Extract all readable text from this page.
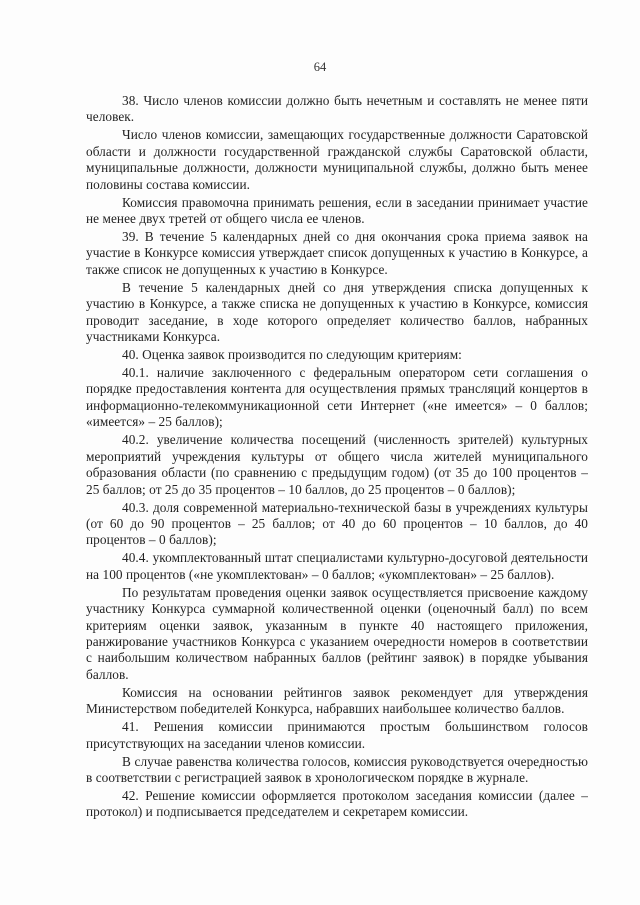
64

38. Число членов комиссии должно быть нечетным и составлять не менее пяти человек.

Число членов комиссии, замещающих государственные должности Саратовской области и должности государственной гражданской службы Саратовской области, муниципальные должности, должности муниципальной службы, должно быть менее половины состава комиссии.

Комиссия правомочна принимать решения, если в заседании принимает участие не менее двух третей от общего числа ее членов.

39. В течение 5 календарных дней со дня окончания срока приема заявок на участие в Конкурсе комиссия утверждает список допущенных к участию в Конкурсе, а также список не допущенных к участию в Конкурсе.

В течение 5 календарных дней со дня утверждения списка допущенных к участию в Конкурсе, а также списка не допущенных к участию в Конкурсе, комиссия проводит заседание, в ходе которого определяет количество баллов, набранных участниками Конкурса.

40. Оценка заявок производится по следующим критериям:

40.1. наличие заключенного с федеральным оператором сети соглашения о порядке предоставления контента для осуществления прямых трансляций концертов в информационно-телекоммуникационной сети Интернет («не имеется» – 0 баллов; «имеется» – 25 баллов);

40.2. увеличение количества посещений (численность зрителей) культурных мероприятий учреждения культуры от общего числа жителей муниципального образования области (по сравнению с предыдущим годом) (от 35 до 100 процентов – 25 баллов; от 25 до 35 процентов – 10 баллов, до 25 процентов – 0 баллов);

40.3. доля современной материально-технической базы в учреждениях культуры (от 60 до 90 процентов – 25 баллов; от 40 до 60 процентов – 10 баллов, до 40 процентов – 0 баллов);

40.4. укомплектованный штат специалистами культурно-досуговой деятельности на 100 процентов («не укомплектован» – 0 баллов; «укомплектован» – 25 баллов).

По результатам проведения оценки заявок осуществляется присвоение каждому участнику Конкурса суммарной количественной оценки (оценочный балл) по всем критериям оценки заявок, указанным в пункте 40 настоящего приложения, ранжирование участников Конкурса с указанием очередности номеров в соответствии с наибольшим количеством набранных баллов (рейтинг заявок) в порядке убывания баллов.

Комиссия на основании рейтингов заявок рекомендует для утверждения Министерством победителей Конкурса, набравших наибольшее количество баллов.

41. Решения комиссии принимаются простым большинством голосов присутствующих на заседании членов комиссии.

В случае равенства количества голосов, комиссия руководствуется очередностью в соответствии с регистрацией заявок в хронологическом порядке в журнале.

42. Решение комиссии оформляется протоколом заседания комиссии (далее – протокол) и подписывается председателем и секретарем комиссии.
